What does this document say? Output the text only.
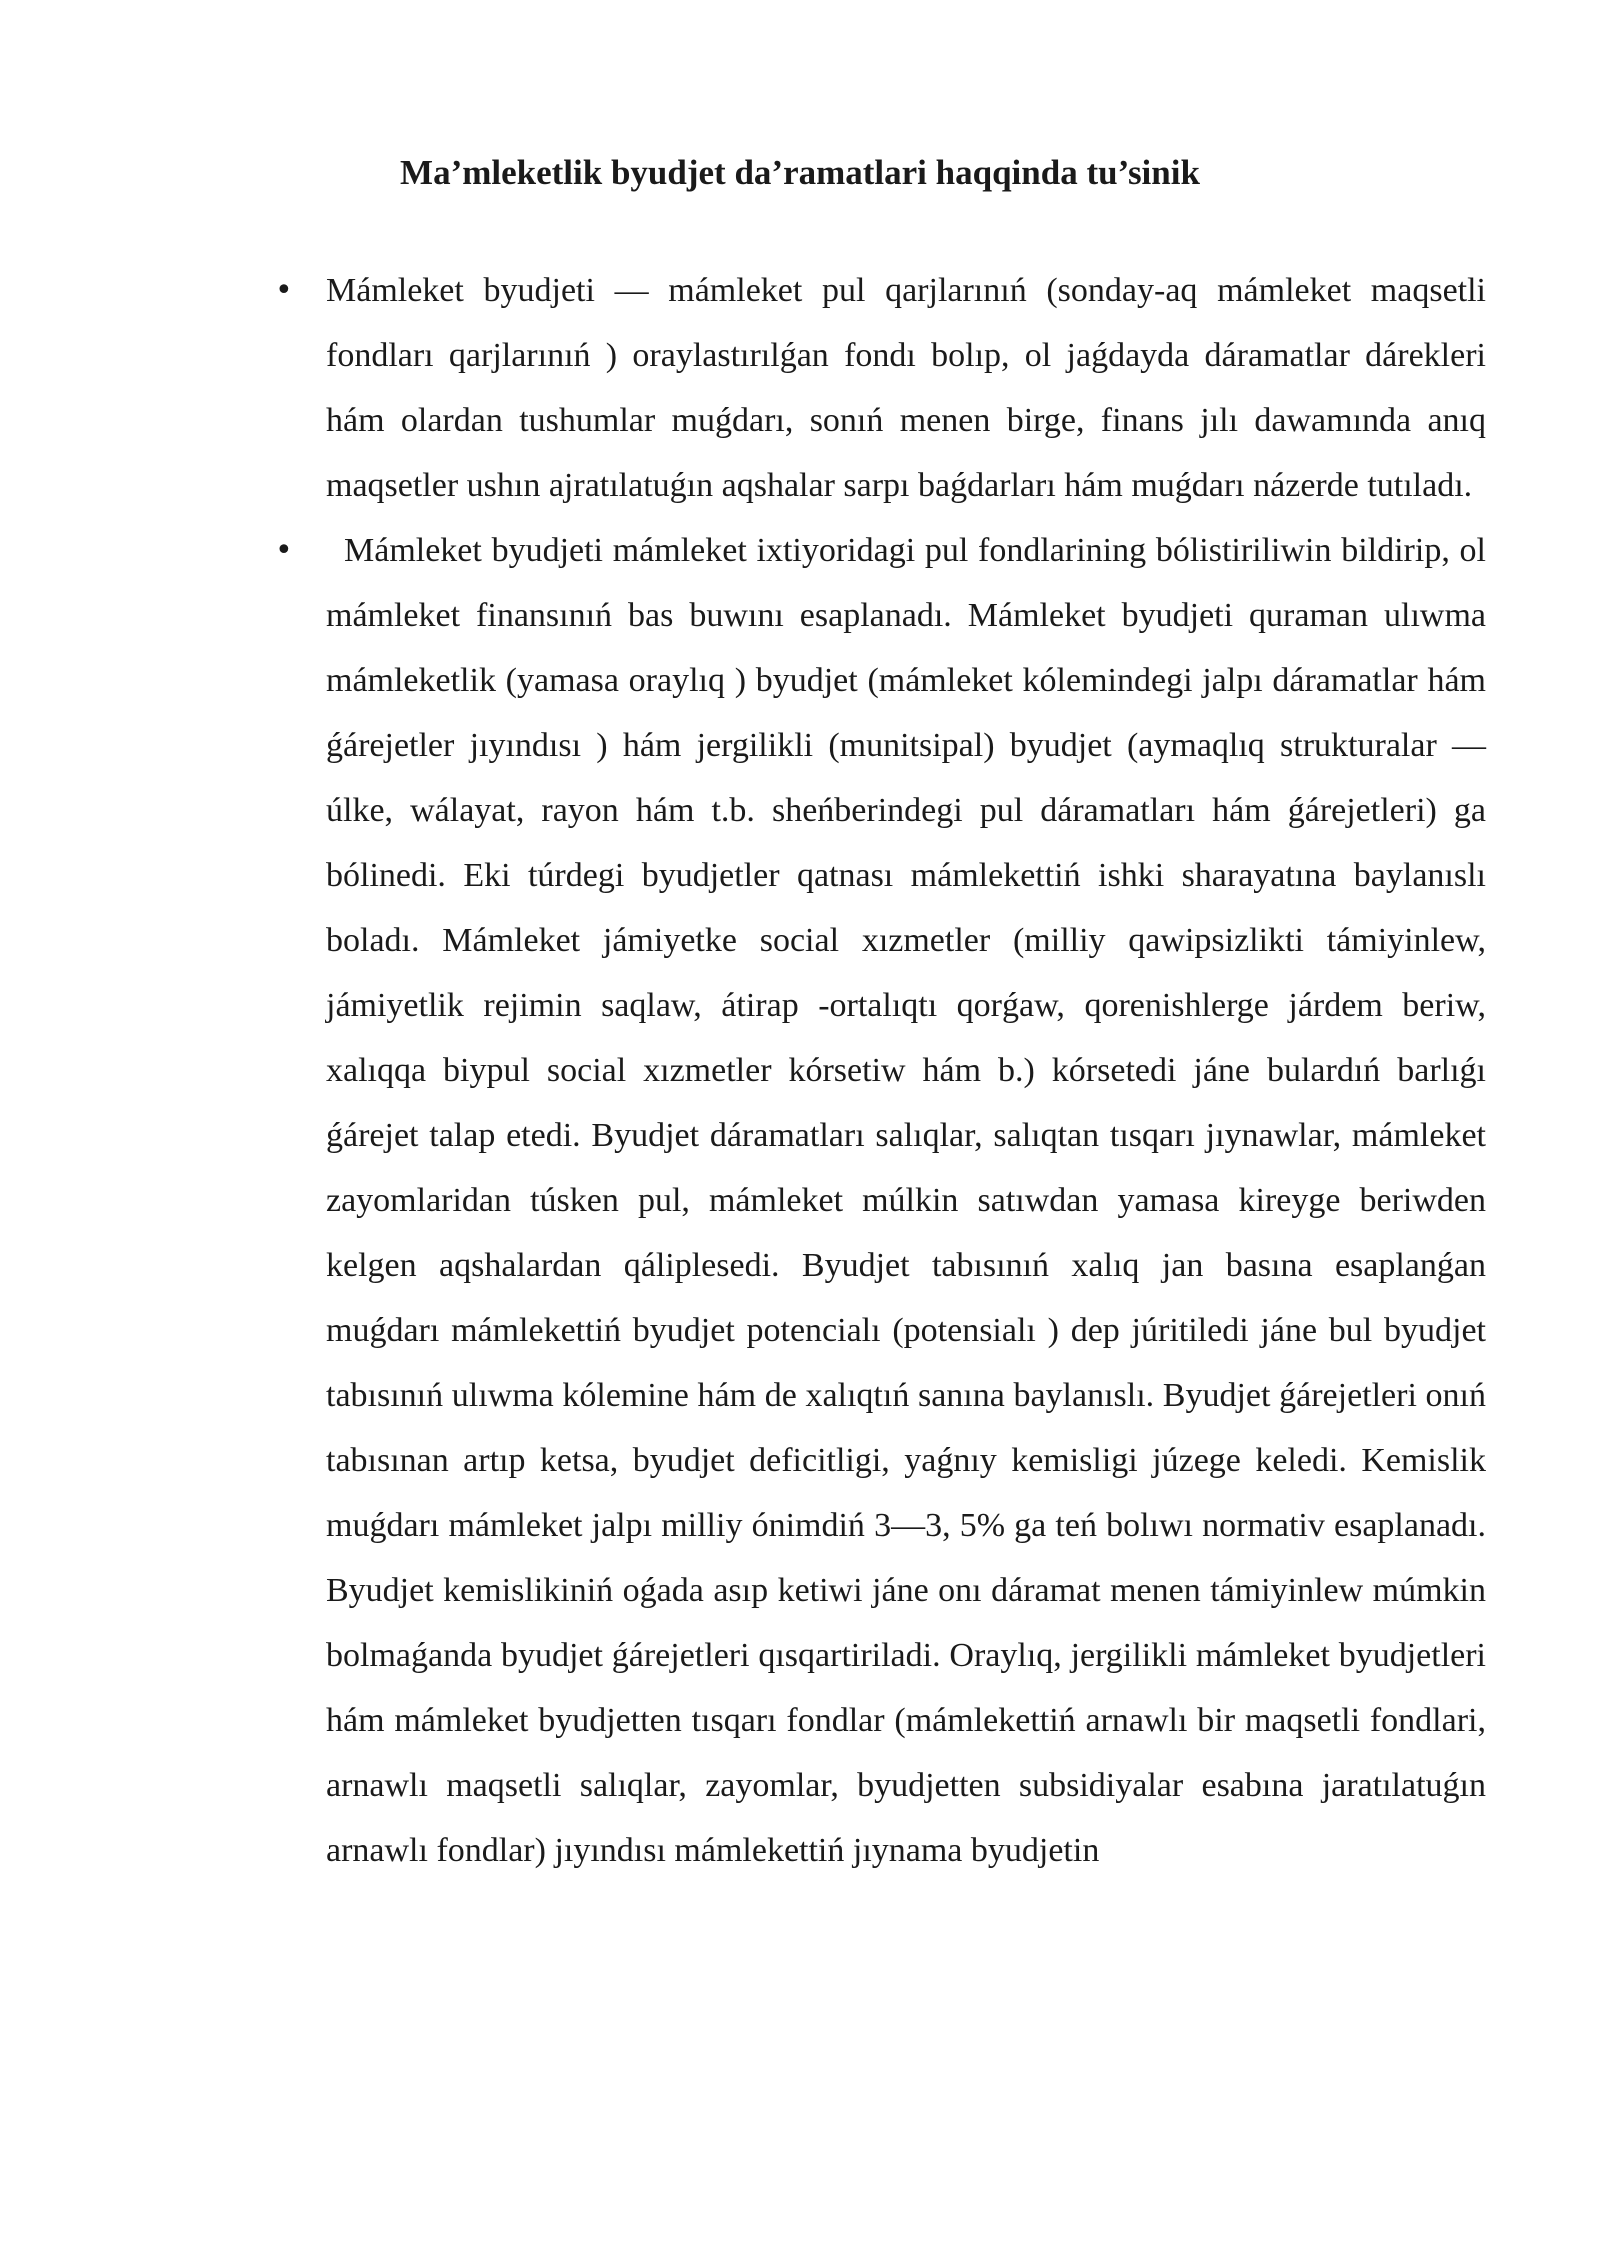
Ma’mleketlik byudjet da’ramatlari haqqinda tu’sinik
• Mámleket byudjeti — mámleket pul qarjlarınıń (sonday-aq mámleket maqsetli fondları qarjlarınıń ) oraylastırılǵan fondı bolıp, ol jaǵdayda dáramatlar dárekleri hám olardan tushumlar muǵdarı, sonıń menen birge, finans jılı dawamında anıq maqsetler ushın ajratılatuǵın aqshalar sarpı baǵdarları hám muǵdarı názerde tutıladı.

•	Mámleket byudjeti mámleket ixtiyoridagi pul fondlarining bólistiriliwin bildirip, ol mámleket finansınıń bas buwını esaplanadı. Mámleket byudjeti quraman ulıwma mámleketlik (yamasa oraylıq ) byudjet (mámleket kólemindegi jalpı dáramatlar hám ǵárejetler jıyındısı ) hám jergilikli (munitsipal) byudjet (aymaqlıq strukturalar — úlke, wálayat, rayon hám t.b. sheńberindegi pul dáramatları hám ǵárejetleri) ga bólinedi. Eki túrdegi byudjetler qatnası mámlekettiń ishki sharayatına baylanıslı boladı. Mámleket jámiyetke social xızmetler (milliy qawipsizlikti támiyinlew, jámiyetlik rejimin saqlaw, átirap -ortalıqtı qorǵaw, qorenishlerge járdem beriw, xalıqqa biypul social xızmetler kórsetiw hám b.) kórsetedi jáne bulardıń barlıǵı ǵárejet talap etedi. Byudjet dáramatları salıqlar, salıqtan tısqarı jıynawlar, mámleket zayomlaridan túsken pul, mámleket múlkin satıwdan yamasa kireyge beriwden kelgen aqshalardan qáliplesedi. Byudjet tabısınıń xalıq jan basına esaplanǵan muǵdarı mámlekettiń byudjet potencialı (potensialı ) dep júritiledi jáne bul byudjet tabısınıń ulıwma kólemine hám de xalıqtıń sanına baylanıslı. Byudjet ǵárejetleri onıń tabısınan artıp ketsa, byudjet deficitligi, yaǵnıy kemisligi júzege keledi. Kemislik muǵdarı mámleket jalpı milliy ónimdiń 3—3, 5% ga teń bolıwı normativ esaplanadı. Byudjet kemislikiniń oǵada asıp ketiwi jáne onı dáramat menen támiyinlew múmkin bolmaǵanda byudjet ǵárejetleri qısqartiriladi. Oraylıq, jergilikli mámleket byudjetleri hám mámleket byudjetten tısqarı fondlar (mámlekettiń arnawlı bir maqsetli fondlari, arnawlı maqsetli salıqlar, zayomlar, byudjetten subsidiyalar esabına jaratılatuǵın arnawlı fondlar) jıyındısı mámlekettiń jıynama byudjetin
